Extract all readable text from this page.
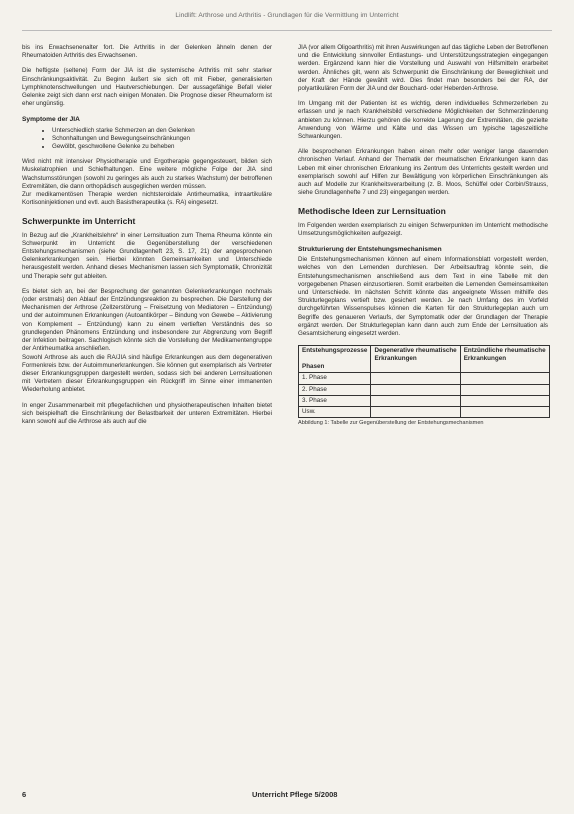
Lindlift: Arthrose und Arthritis - Grundlagen für die Vermittlung im Unterricht

bis ins Erwachsenenalter fort. Die Arthritis in der Gelenken ähneln denen der Rheumatoiden Arthritis des Erwachsenen.

Die heftigste (seltene) Form der JIA ist die systemische Arthritis mit sehr starker Einschränkungsaktivität. Zu Beginn äußert sie sich oft mit Fieber, generalisierten Lymphknotenschwellungen und Hautverschiebungen. Der aussagefähige Befall vieler Gelenke zeigt sich dann erst nach einigen Monaten. Die Prognose dieser Rheumaform ist eher ungünstig.

Symptome der JIA
• Unterschiedlich starke Schmerzen an den Gelenken
• Schonhaltungen und Bewegungseinschränkungen
• Gewölbt, geschwollene Gelenke zu beheben

Wird nicht mit intensiver Physiotherapie und Ergotherapie gegengesteuert, bilden sich Muskelatrophien und Schiefhaltungen. Eine weitere mögliche Folge der JIA sind Wachstumsstörungen (sowohl zu geringes als auch zu starkes Wachstum) der betroffenen Extremitäten, die dann orthopädisch ausgeglichen werden müssen.

Zur medikamentösen Therapie werden nichtsteroidale Antirheumatika, intraartikuläre Kortisoninjektionen und evtl. auch Basistherapeutika (s. RA) eingesetzt.

Schwerpunkte im Unterricht

In Bezug auf die „Krankheitslehre“ in einer Lernsituation zum Thema Rheuma könnte ein Schwerpunkt im Unterricht die Gegenüberstellung der verschiedenen Entstehungsmechanismen (siehe Grundlagenheft 23, S. 17, 21) der angesprochenen Gelenkerkrankungen sein. Hierbei könnten Gemeinsamkeiten und Unterschiede herausgestellt werden. Anhand dieses Mechanismen lassen sich Symptomatik, Chronizität und Therapie sehr gut ableiten.

Es bietet sich an, bei der Besprechung der genannten Gelenkerkrankungen nochmals (oder erstmals) den Ablauf der Entzündungsreaktion zu besprechen. Die Darstellung der Mechanismen der Arthrose (Zellzerstörung – Freisetzung von Mediatoren – Entzündung) und der autoimmunen Erkrankungen (Autoantikörper – Bindung von Gewebe – Aktivierung von Komplement – Entzündung) kann zu einem vertieften Verständnis des so grundlegenden Phänomens Entzündung und insbesondere zur Abgrenzung vom Begriff der Infektion beitragen. Sachlogisch könnte sich die Vorstellung der Medikamentengruppe der Antirheumatika anschließen.

Sowohl Arthrose als auch die RA/JIA sind häufige Erkrankungen aus dem degenerativen Formenkreis bzw. der Autoimmunerkrankungen. Sie können gut exemplarisch als Vertreter dieser Erkrankungsgruppen dargestellt werden, sodass sich bei anderen Lernsituationen mit Vertretern dieser Erkrankungsgruppen ein Rückgriff im Sinne einer immanenten Wiederholung anbietet.

In enger Zusammenarbeit mit pflegefachlichen und physiotherapeutischen Inhalten bietet sich beispielhaft die Einschränkung der Belastbarkeit der unteren Extremitäten. Hierbei kann sowohl auf die Arthrose als auch auf die

JIA (vor allem Oligoarthritis) mit ihren Auswirkungen auf das tägliche Leben der Betroffenen und die Entwicklung sinnvoller Entlastungs- und Unterstützungsstrategien eingegangen werden. Ergänzend kann hier die Vorstellung und Auswahl von Hilfsmitteln erarbeitet werden. Ähnliches gilt, wenn als Schwerpunkt die Einschränkung der Beweglichkeit und der Kraft der Hände gewählt wird. Dies findet man besonders bei der RA, der polyartikulären Form der JIA und der Bouchard- oder Heberden-Arthrose.

Im Umgang mit der Patienten ist es wichtig, deren individuelles Schmerzerleben zu erfassen und je nach Krankheitsbild verschiedene Möglichkeiten der Schmerzlinderung anbieten zu können. Hierzu gehören die korrekte Lagerung der Extremitäten, die gezielte Anwendung von Wärme und Kälte und das Wissen um typische tageszeitliche Schwankungen.

Alle besprochenen Erkrankungen haben einen mehr oder weniger lange dauernden chronischen Verlauf. Anhand der Thematik der rheumatischen Erkrankungen kann das Leben mit einer chronischen Erkrankung ins Zentrum des Unterrichts gestellt werden und exemplarisch sowohl auf Hilfen zur Bewältigung von körperlichen Einschränkungen als auch auf Modelle zur Krankheitsverarbeitung (z. B. Moos, Schüffel oder Corbin/Strauss, siehe Grundlagenhefte 7 und 23) eingegangen werden.

Methodische Ideen zur Lernsituation

Im Folgenden werden exemplarisch zu einigen Schwerpunkten im Unterricht methodische Umsetzungsmöglichkeiten aufgezeigt.

Strukturierung der Entstehungsmechanismen

Die Entstehungsmechanismen können auf einem Informationsblatt vorgestellt werden, welches von den Lernenden durchlesen. Der Arbeitsauftrag könnte sein, die Entstehungsmechanismen anschließend aus dem Text in eine Tabelle mit den vorgegebenen Phasen einzusortieren. Somit erarbeiten die Lernenden Gemeinsamkeiten und Unterschiede. Im nächsten Schritt könnte das angeeignete Wissen mithilfe des Strukturlegeplans vertieft bzw. gesichert werden. Je nach Umfang des im Vorfeld durchgeführten Wissenspulses können die Karten für den Strukturlegeplan auch um Begriffe des genaueren Verlaufs, der Symptomatik oder der Grundlagen der Therapie ergänzt werden. Der Strukturlegeplan kann dann auch zum Ende der Lernsituation als Gesamtsicherung eingesetzt werden.

Entstehungsprozesse

Phasen	Degenerative rheumatische Erkrankungen	Entzündliche rheumatische Erkrankungen
1. Phase		
2. Phase		
3. Phase		
Usw.		
Abbildung 1: Tabelle zur Gegenüberstellung der Entstehungsmechanismen
6	Unterricht Pflege 5/2008
